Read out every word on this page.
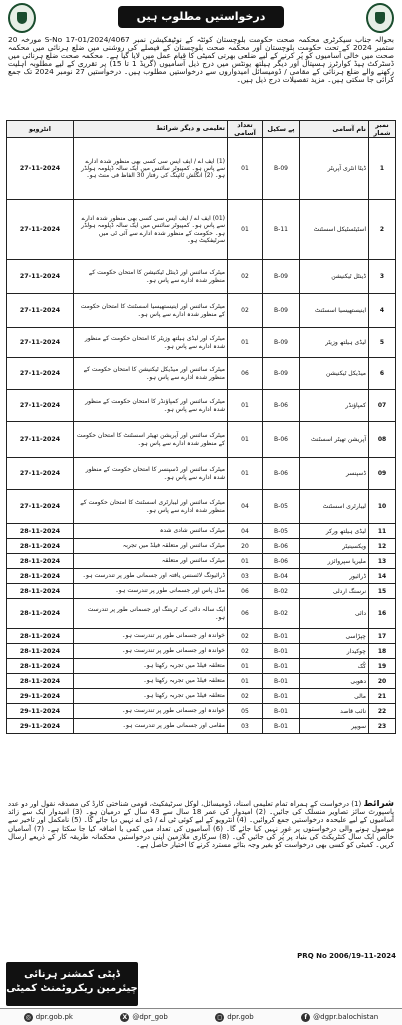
درخواستیں مطلوب ہیں
بحوالہ جناب سیکرٹری محکمہ صحت حکومت بلوچستان کوئٹہ کے نوٹیفکیشن نمبر S-No 17-01/2024/4067 مورخہ 20 ستمبر 2024 کے تحت حکومت بلوچستان اور محکمہ صحت بلوچستان کے فیصلے کی روشنی میں ضلع ہرنائی میں محکمہ صحت میں خالی آسامیوں کو پُر کرنے کے لیے ضلعی بھرتی کمیٹی کا قیام عمل میں لایا گیا ہے۔ محکمہ صحت ضلع ہرنائی میں ڈسٹرکٹ ہیڈ کوارٹرز ہسپتال اور دیگر ہیلتھ یونٹس میں درج ذیل آسامیوں (گریڈ 1 تا 15) پر تقرری کے لیے مطلوبہ اہلیت رکھنے والے ضلع ہرنائی کے مقامی / ڈومیسائل امیدواروں سے درخواستیں مطلوب ہیں۔ درخواستیں 27 نومبر 2024 تک جمع کرائی جا سکتی ہیں۔ مزید تفصیلات درج ذیل ہیں۔
نمبر شمار	نام آسامی	پے سکیل	تعداد آسامی	تعلیمی و دیگر شرائط	انٹرویو
1	ڈیٹا انٹری آپریٹر	B-09	01	(1) ایف اے / ایف ایس سی کسی بھی منظور شدہ ادارے سے پاس ہو۔ کمپیوٹر سائنس میں ایک سالہ ڈپلومہ ہولڈر ہو۔ (2) انگلش ٹائپنگ کی رفتار 30 الفاظ فی منٹ ہو۔	27-11-2024
2	اسٹیٹسٹیکل اسسٹنٹ	B-11	01	(01) ایف اے / ایف ایس سی کسی بھی منظور شدہ ادارے سے پاس ہو۔ کمپیوٹر سائنس میں ایک سالہ ڈپلومہ ہولڈر ہو۔ حکومت کے منظور شدہ ادارے سے آئی ٹی میں سرٹیفکیٹ ہو۔	27-11-2024
3	ڈینٹل ٹیکنیشن	B-09	02	میٹرک سائنس اور ڈینٹل ٹیکنیشن کا امتحان حکومت کے منظور شدہ ادارے سے پاس ہو۔	27-11-2024
4	اینیستھیسیا اسسٹنٹ	B-09	02	میٹرک سائنس اور اینیستھیسیا اسسٹنٹ کا امتحان حکومت کے منظور شدہ ادارے سے پاس ہو۔	27-11-2024
5	لیڈی ہیلتھ وزیٹر	B-09	01	میٹرک اور لیڈی ہیلتھ وزیٹر کا امتحان حکومت کے منظور شدہ ادارے سے پاس ہو۔	27-11-2024
6	میڈیکل ٹیکنیشن	B-09	06	میٹرک سائنس اور میڈیکل ٹیکنیشن کا امتحان حکومت کے منظور شدہ ادارے سے پاس ہو۔	27-11-2024
07	کمپاؤنڈر	B-06	01	میٹرک سائنس اور کمپاؤنڈر کا امتحان حکومت کے منظور شدہ ادارے سے پاس ہو۔	27-11-2024
08	آپریشن تھیٹر اسسٹنٹ	B-06	01	میٹرک سائنس اور آپریشن تھیٹر اسسٹنٹ کا امتحان حکومت کے منظور شدہ ادارے سے پاس ہو۔	27-11-2024
09	ڈسپنسر	B-06	01	میٹرک سائنس اور ڈسپنسر کا امتحان حکومت کے منظور شدہ ادارے سے پاس ہو۔	27-11-2024
10	لیبارٹری اسسٹنٹ	B-05	04	میٹرک سائنس اور لیبارٹری اسسٹنٹ کا امتحان حکومت کے منظور شدہ ادارے سے پاس ہو۔	27-11-2024
11	لیڈی ہیلتھ ورکر	B-05	04	میٹرک سائنس شادی شدہ	28-11-2024
12	ویکسینیٹر	B-06	20	میٹرک سائنس اور متعلقہ فیلڈ میں تجربہ	28-11-2024
13	ملیریا سپروائزر	B-06	01	میٹرک سائنس اور متعلقہ	28-11-2024
14	ڈرائیور	B-04	03	ڈرائیونگ لائسنس یافتہ اور جسمانی طور پر تندرست ہو۔	28-11-2024
15	نرسنگ اردلی	B-02	06	مڈل پاس اور جسمانی طور پر تندرست ہو۔	28-11-2024
16	دائی	B-02	06	ایک سالہ دائی کی ٹریننگ اور جسمانی طور پر تندرست ہو۔	28-11-2024
17	چپڑاسی	B-01	02	خواندہ اور جسمانی طور پر تندرست ہو۔	28-11-2024
18	چوکیدار	B-01	02	خواندہ اور جسمانی طور پر تندرست ہو۔	28-11-2024
19	کُک	B-01	01	متعلقہ فیلڈ میں تجربہ رکھتا ہو۔	28-11-2024
20	دھوبی	B-01	01	متعلقہ فیلڈ میں تجربہ رکھتا ہو۔	28-11-2024
21	مالی	B-01	02	متعلقہ فیلڈ میں تجربہ رکھتا ہو۔	29-11-2024
22	نائب قاصد	B-01	05	خواندہ اور جسمانی طور پر تندرست ہو۔	29-11-2024
23	سویپر	B-01	03	مقامی اور جسمانی طور پر تندرست ہو۔	29-11-2024
شرائط (1) درخواست کے ہمراہ تمام تعلیمی اسناد، ڈومیسائل، لوکل سرٹیفکیٹ، قومی شناختی کارڈ کی مصدقہ نقول اور دو عدد پاسپورٹ سائز تصاویر منسلک کی جائیں۔ (2) امیدوار کی عمر 18 سال سے 43 سال کے درمیان ہو۔ (3) امیدوار ایک سے زائد آسامیوں کے لیے علیحدہ درخواستیں جمع کروائیں۔ (4) انٹرویو کے لیے کوئی ٹی اے / ڈی اے نہیں دیا جائے گا۔ (5) نامکمل اور تاخیر سے موصول ہونے والی درخواستوں پر غور نہیں کیا جائے گا۔ (6) آسامیوں کی تعداد میں کمی یا اضافہ کیا جا سکتا ہے۔ (7) آسامیاں خالص ایک سال کنٹریکٹ کی بنیاد پر پُر کی جائیں گی۔ (8) سرکاری ملازمین اپنی درخواستیں محکمانہ طریقہ کار کے ذریعے ارسال کریں۔ کمیٹی کو کسی بھی درخواست کو بغیر وجہ بتائے مسترد کرنے کا اختیار حاصل ہے۔
PRQ No 2006/19-11-2024
ڈپٹی کمشنر ہرنائی
چیئرمین ریکروٹمنٹ کمیٹی
◎ dpr.gob.pk	X @dpr_gob	◻ dpr.gob	f @dgpr.balochistan
